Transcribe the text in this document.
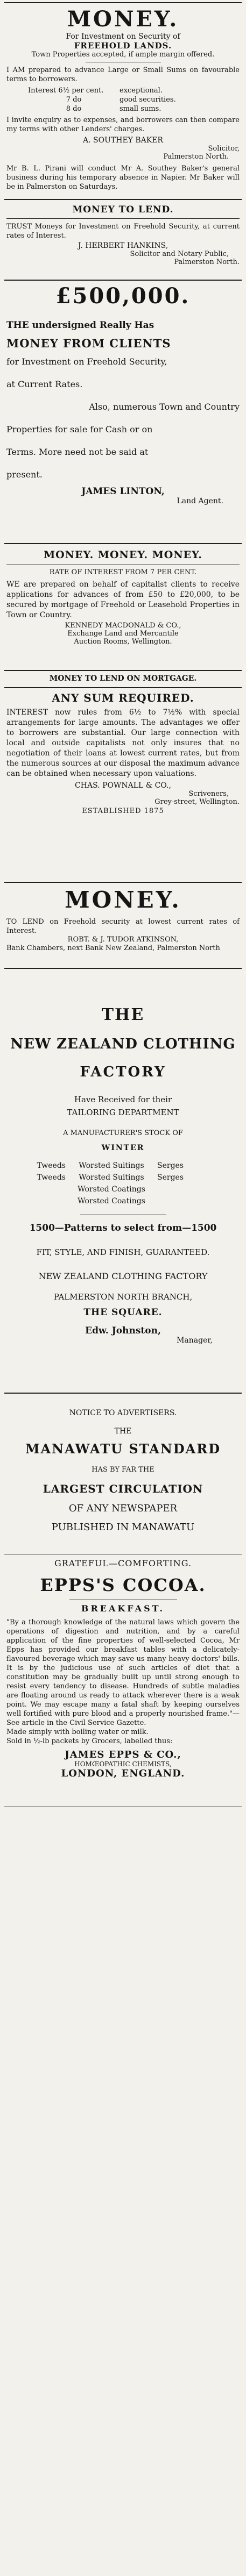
MONEY.

For Investment on Security of

FREEHOLD LANDS.

Town Properties accepted, if ample margin offered.

I AM prepared to advance Large or Small Sums on favourable terms to borrowers.

Interest 6½ per cent. exceptional.
7 do	good securities.
8 do	small sums.

I invite enquiry as to expenses, and borrowers can then compare my terms with other Lenders' charges.

A. SOUTHEY BAKER

Solicitor,

Palmerston North.

Mr B. L. Pirani will conduct Mr A. Southey Baker's general business during his temporary absence in Napier. Mr Baker will be in Palmerston on Saturdays.

MONEY TO LEND.

TRUST Moneys for Investment on Freehold Security, at current rates of Interest.

J. HERBERT HANKINS,

Solicitor and Notary Public,

Palmerston North.

£500,000.

THE undersigned Really Has

MONEY FROM CLIENTS

for Investment on Freehold Security,

at Current Rates.

Also, numerous Town and Country

Properties for sale for Cash or on

Terms. More need not be said at

present.

JAMES LINTON,

Land Agent.

MONEY. MONEY. MONEY.

RATE OF INTEREST FROM 7 PER CENT.

WE are prepared on behalf of capitalist clients to receive applications for advances of from £50 to £20,000, to be secured by mortgage of Freehold or Leasehold Properties in Town or Country.

KENNEDY MACDONALD & CO.,

Exchange Land and Mercantile

Auction Rooms, Wellington.

MONEY TO LEND ON MORTGAGE.
ANY SUM REQUIRED.

INTEREST now rules from 6½ to 7½% with special arrangements for large amounts. The advantages we offer to borrowers are substantial. Our large connection with local and outside capitalists not only insures that no negotiation of their loans at lowest current rates, but from the numerous sources at our disposal the maximum advance can be obtained when necessary upon valuations.

CHAS. POWNALL & CO.,

Scriveners,

Grey-street, Wellington.

ESTABLISHED 1875

MONEY.

TO LEND on Freehold security at lowest current rates of Interest.

ROBT. & J. TUDOR ATKINSON,

Bank Chambers, next Bank New Zealand, Palmerston North

THE
NEW ZEALAND CLOTHING
FACTORY

Have Received for their

TAILORING DEPARTMENT

A MANUFACTURER'S STOCK OF

WINTER

Tweeds Worsted Suitings Serges
Tweeds Worsted Suitings Serges
Worsted Coatings
Worsted Coatings

1500—Patterns to select from—1500

FIT, STYLE, AND FINISH, GUARANTEED.

NEW ZEALAND CLOTHING FACTORY

PALMERSTON NORTH BRANCH,

THE SQUARE.

Edw. Johnston,

Manager,

NOTICE TO ADVERTISERS.

THE

MANAWATU STANDARD

HAS BY FAR THE

LARGEST CIRCULATION

OF ANY NEWSPAPER

PUBLISHED IN MANAWATU

GRATEFUL—COMFORTING.

EPPS'S COCOA.

BREAKFAST.

"By a thorough knowledge of the natural laws which govern the operations of digestion and nutrition, and by a careful application of the fine properties of well-selected Cocoa, Mr Epps has provided our breakfast tables with a delicately-flavoured beverage which may save us many heavy doctors' bills. It is by the judicious use of such articles of diet that a constitution may be gradually built up until strong enough to resist every tendency to disease. Hundreds of subtle maladies are floating around us ready to attack wherever there is a weak point. We may escape many a fatal shaft by keeping ourselves well fortified with pure blood and a properly nourished frame."—See article in the Civil Service Gazette.

Made simply with boiling water or milk.

Sold in ½-lb packets by Grocers, labelled thus:

JAMES EPPS & CO.,

HOMŒOPATHIC CHEMISTS,

LONDON, ENGLAND.
